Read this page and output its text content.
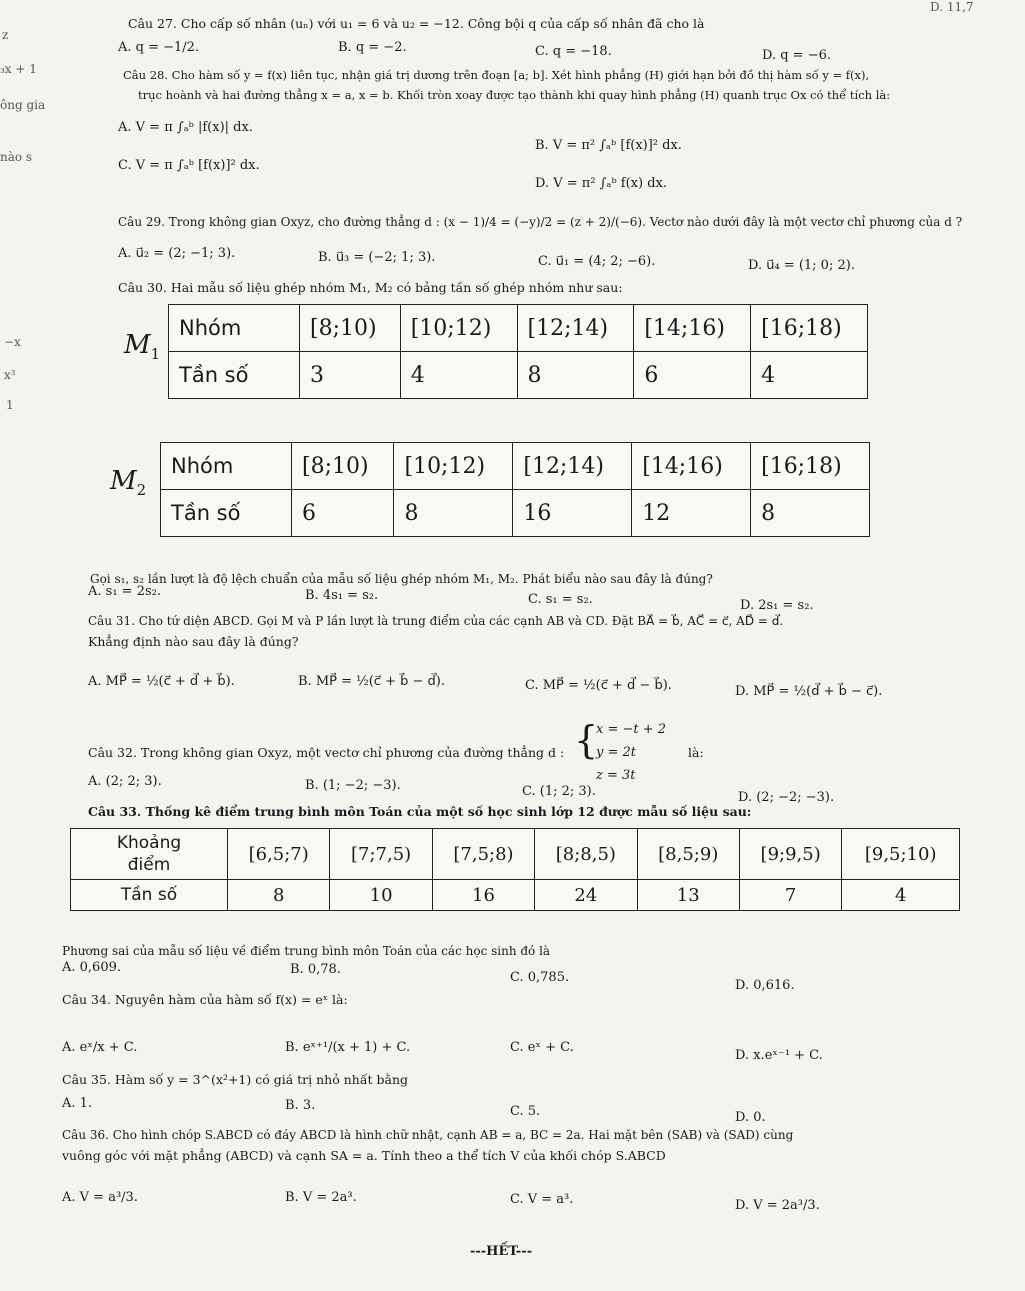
D. 11,7
z
₃x + 1
ông gia
nào s
−x
x³
1
Câu 27. Cho cấp số nhân (uₙ) với u₁ = 6 và u₂ = −12. Công bội q của cấp số nhân đã cho là
A. q = −1/2.	B. q = −2.	C. q = −18.	D. q = −6.
Câu 28. Cho hàm số y = f(x) liên tục, nhận giá trị dương trên đoạn [a; b]. Xét hình phẳng (H) giới hạn bởi đồ thị hàm số y = f(x),
trục hoành và hai đường thẳng x = a, x = b. Khối tròn xoay được tạo thành khi quay hình phẳng (H) quanh trục Ox có thể tích là:
A. V = π ∫ₐᵇ |f(x)| dx.
B. V = π² ∫ₐᵇ [f(x)]² dx.
C. V = π ∫ₐᵇ [f(x)]² dx.
D. V = π² ∫ₐᵇ f(x) dx.
Câu 29. Trong không gian Oxyz, cho đường thẳng d : (x − 1)/4 = (−y)/2 = (z + 2)/(−6). Vectơ nào dưới đây là một vectơ chỉ phương của d ?
A. u⃗₂ = (2; −1; 3).	B. u⃗₃ = (−2; 1; 3).	C. u⃗₁ = (4; 2; −6).	D. u⃗₄ = (1; 0; 2).
Câu 30. Hai mẫu số liệu ghép nhóm M₁, M₂ có bảng tần số ghép nhóm như sau:
$M_1$
Nhóm	[8;10)	[10;12)	[12;14)	[14;16)	[16;18)
Tần số	3	4	8	6	4
$M_2$
Nhóm	[8;10)	[10;12)	[12;14)	[14;16)	[16;18)
Tần số	6	8	16	12	8
Gọi s₁, s₂ lần lượt là độ lệch chuẩn của mẫu số liệu ghép nhóm M₁, M₂. Phát biểu nào sau đây là đúng?
A. s₁ = 2s₂.	B. 4s₁ = s₂.	C. s₁ = s₂.	D. 2s₁ = s₂.
Câu 31. Cho tứ diện ABCD. Gọi M và P lần lượt là trung điểm của các cạnh AB và CD. Đặt BA⃗ = b⃗, AC⃗ = c⃗, AD⃗ = d⃗.
Khẳng định nào sau đây là đúng?
A. MP⃗ = ½(c⃗ + d⃗ + b⃗).	B. MP⃗ = ½(c⃗ + b⃗ − d⃗).	C. MP⃗ = ½(c⃗ + d⃗ − b⃗).	D. MP⃗ = ½(d⃗ + b⃗ − c⃗).
Câu 32. Trong không gian Oxyz, một vectơ chỉ phương của đường thẳng d : {
x = −t + 2
y = 2t
z = 3t
là:
A. (2; 2; 3).	B. (1; −2; −3).	C. (1; 2; 3).	D. (2; −2; −3).
Câu 33. Thống kê điểm trung bình môn Toán của một số học sinh lớp 12 được mẫu số liệu sau:
Khoảng
điểm	[6,5;7)	[7;7,5)	[7,5;8)	[8;8,5)	[8,5;9)	[9;9,5)	[9,5;10)
Tần số	8	10	16	24	13	7	4
Phương sai của mẫu số liệu về điểm trung bình môn Toán của các học sinh đó là
A. 0,609.	B. 0,78.
C. 0,785.
D. 0,616.
Câu 34. Nguyên hàm của hàm số f(x) = eˣ là:
A. eˣ/x + C.	B. eˣ⁺¹/(x + 1) + C.	C. eˣ + C.
D. x.eˣ⁻¹ + C.
Câu 35. Hàm số y = 3^(x²+1) có giá trị nhỏ nhất bằng
A. 1.	B. 3.	C. 5.	D. 0.
Câu 36. Cho hình chóp S.ABCD có đáy ABCD là hình chữ nhật, cạnh AB = a, BC = 2a. Hai mặt bên (SAB) và (SAD) cùng
vuông góc với mặt phẳng (ABCD) và cạnh SA = a. Tính theo a thể tích V của khối chóp S.ABCD
A. V = a³/3.	B. V = 2a³.	C. V = a³.	D. V = 2a³/3.
---HẾT---
